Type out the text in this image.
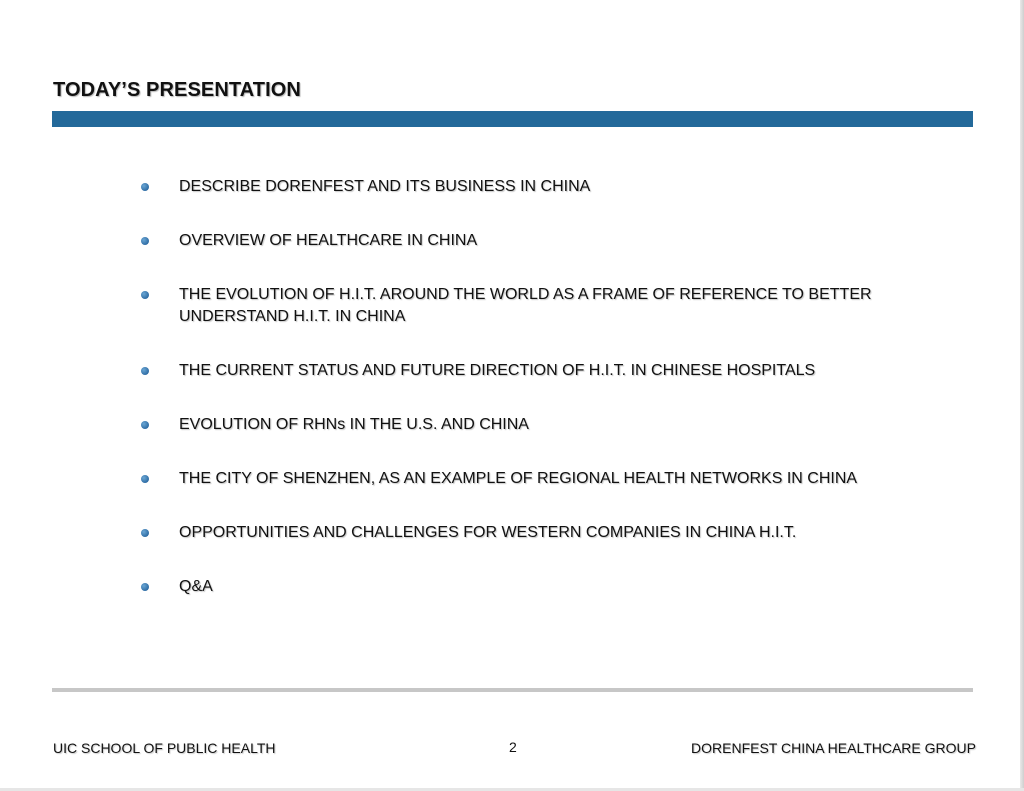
TODAY’S PRESENTATION
DESCRIBE DORENFEST AND ITS BUSINESS IN CHINA
OVERVIEW OF HEALTHCARE IN CHINA
THE EVOLUTION OF H.I.T. AROUND THE WORLD AS A FRAME OF REFERENCE TO BETTER UNDERSTAND H.I.T. IN CHINA
THE CURRENT STATUS AND FUTURE DIRECTION OF H.I.T. IN CHINESE HOSPITALS
EVOLUTION OF RHNs IN THE U.S. AND CHINA
THE CITY OF SHENZHEN, AS AN EXAMPLE OF REGIONAL HEALTH NETWORKS IN CHINA
OPPORTUNITIES AND CHALLENGES FOR WESTERN COMPANIES IN CHINA H.I.T.
Q&A
UIC SCHOOL OF PUBLIC HEALTH	2	DORENFEST CHINA HEALTHCARE GROUP
